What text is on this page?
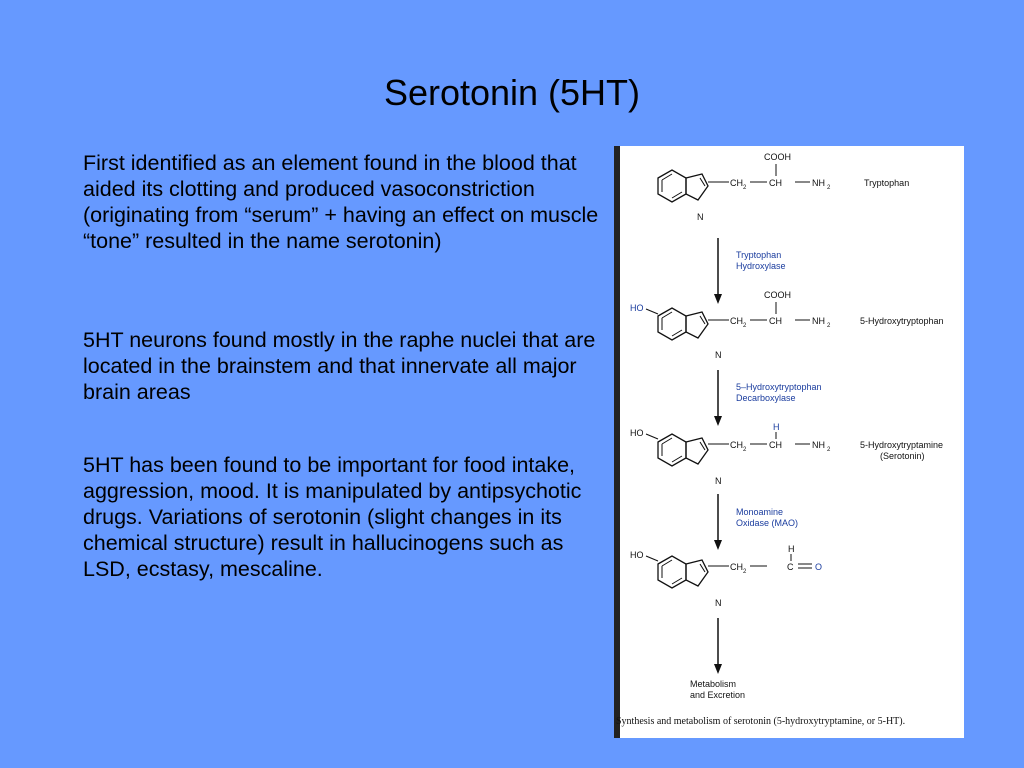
Serotonin (5HT)
First identified as an element found in the blood that aided its clotting and produced vasoconstriction (originating from “serum” + having an effect on muscle “tone” resulted in the name serotonin)
5HT neurons found mostly in the raphe nuclei that are located in the brainstem and that innervate all major brain areas
5HT has been found to be important for food intake, aggression, mood. It is manipulated by antipsychotic drugs. Variations of serotonin (slight changes in its chemical structure) result in hallucinogens such as LSD, ecstasy, mescaline.
N
CH 2	CH	NH 2
COOH
Tryptophan
Tryptophan
Hydroxylase
HO
N
CH 2	CH	NH 2
COOH
5-Hydroxytryptophan
5–Hydroxytryptophan
Decarboxylase
HO
N
CH 2	CH	NH 2
H
5-Hydroxytryptamine
(Serotonin)
Monoamine
Oxidase (MAO)
HO
N
CH 2	C
H
O
Metabolism
and Excretion
Synthesis and metabolism of serotonin (5-hydroxytryptamine, or 5-HT).
